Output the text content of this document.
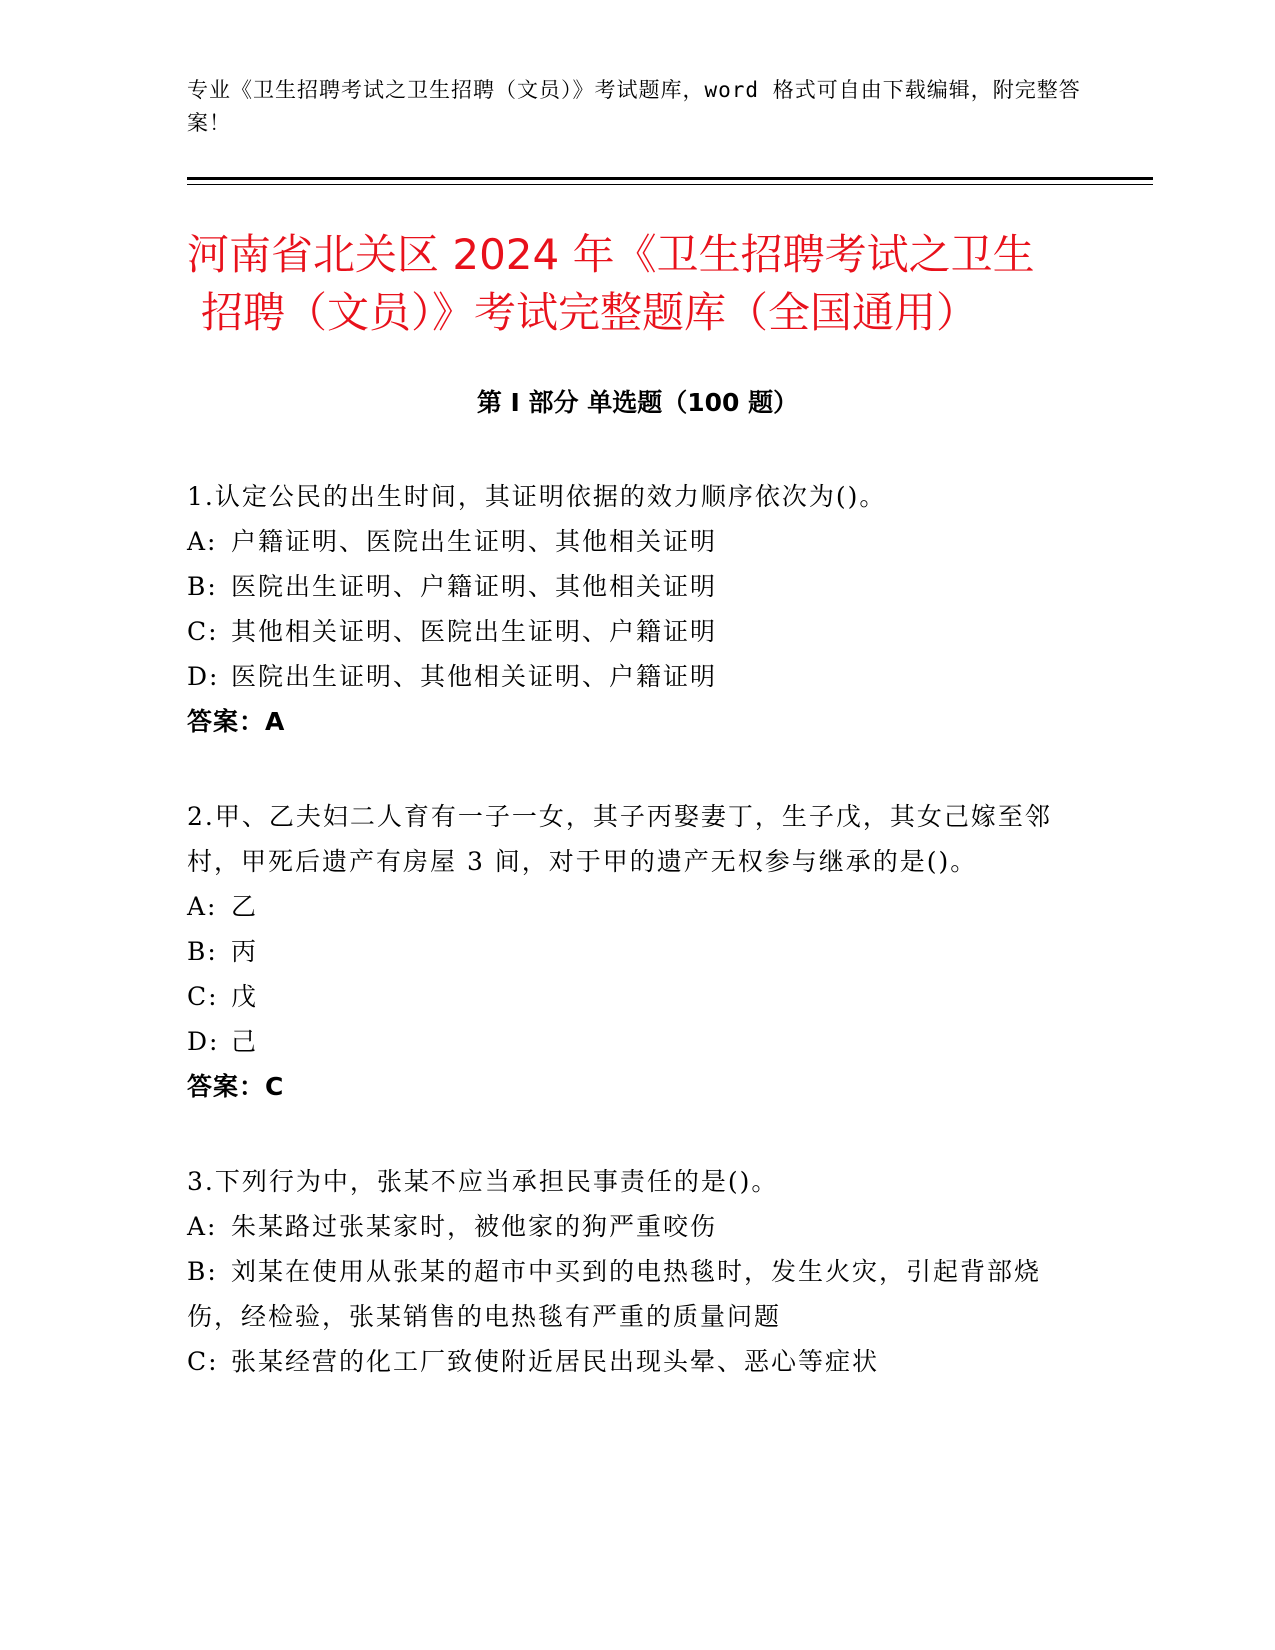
专业《卫生招聘考试之卫生招聘（文员）》考试题库，word 格式可自由下载编辑，附完整答案！
河南省北关区 2024 年《卫生招聘考试之卫生
招聘（文员）》考试完整题库（全国通用）
第 I 部分 单选题（100 题）

1.认定公民的出生时间，其证明依据的效力顺序依次为()。

A: 户籍证明、医院出生证明、其他相关证明

B: 医院出生证明、户籍证明、其他相关证明

C: 其他相关证明、医院出生证明、户籍证明

D: 医院出生证明、其他相关证明、户籍证明

答案：A

2.甲、乙夫妇二人育有一子一女，其子丙娶妻丁，生子戊，其女己嫁至邻村，甲死后遗产有房屋 3 间，对于甲的遗产无权参与继承的是()。

A: 乙

B: 丙

C: 戊

D: 己

答案：C

3.下列行为中，张某不应当承担民事责任的是()。

A: 朱某路过张某家时，被他家的狗严重咬伤

B: 刘某在使用从张某的超市中买到的电热毯时，发生火灾，引起背部烧伤，经检验，张某销售的电热毯有严重的质量问题

C: 张某经营的化工厂致使附近居民出现头晕、恶心等症状
